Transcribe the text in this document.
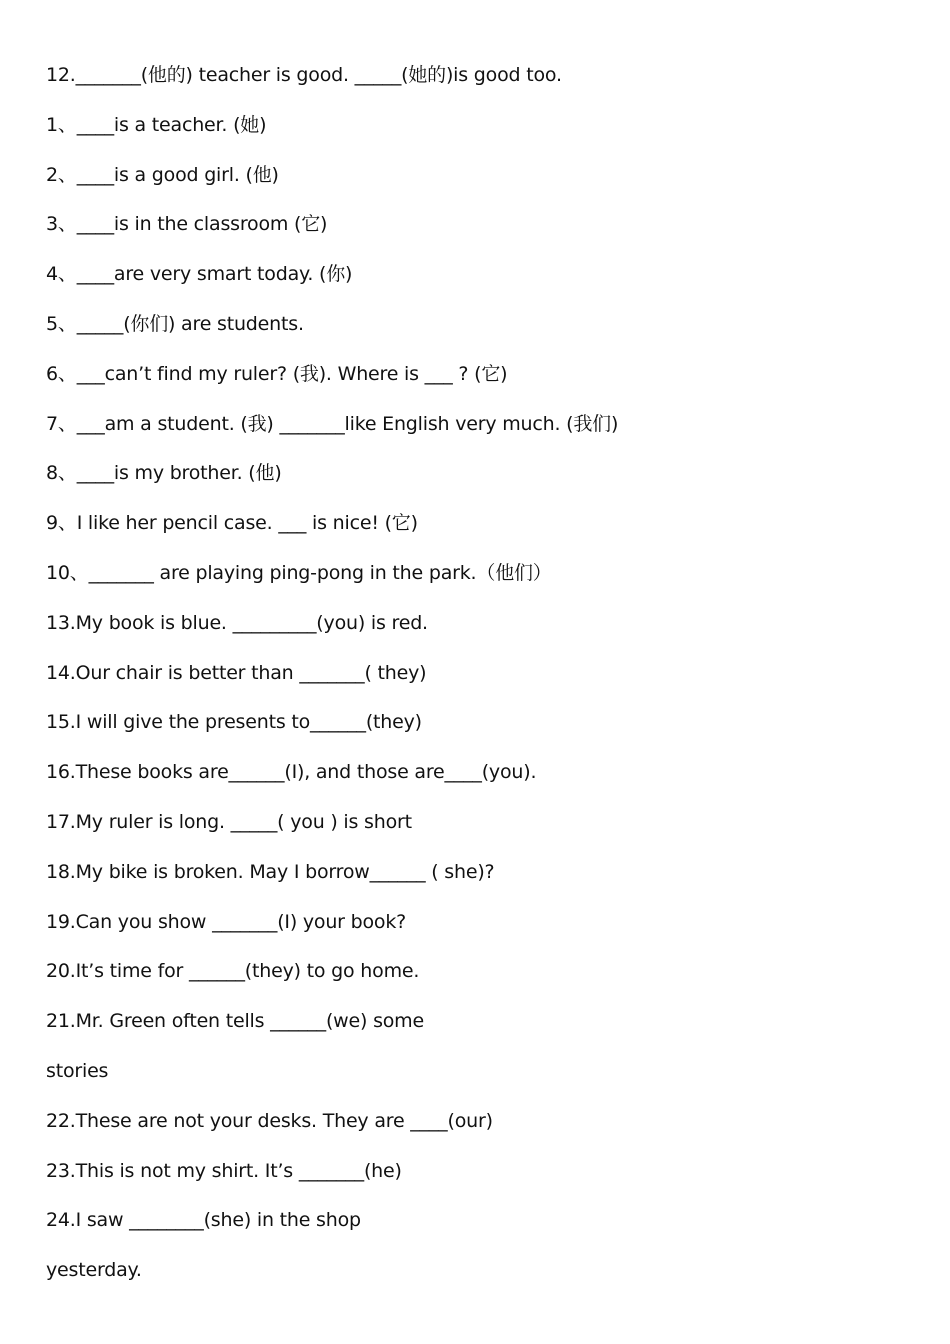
12._______(他的) teacher is good. _____(她的)is good too.
1、____is a teacher. (她)
2、____is a good girl. (他)
3、____is in the classroom (它)
4、____are very smart today. (你)
5、_____(你们) are students.
6、___can’t find my ruler? (我). Where is ___ ? (它)
7、___am a student. (我) _______like English very much. (我们)
8、____is my brother. (他)
9、I like her pencil case. ___ is nice! (它)
10、_______ are playing ping-pong in the park.（他们）
13.My book is blue. _________(you) is red.
14.Our chair is better than _______( they)
15.I will give the presents to______(they)
16.These books are______(I), and those are____(you).
17.My ruler is long. _____( you ) is short
18.My bike is broken. May I borrow______ ( she)?
19.Can you show _______(I) your book?
20.It’s time for ______(they) to go home.
21.Mr. Green often tells ______(we) some
stories
22.These are not your desks. They are ____(our)
23.This is not my shirt. It’s _______(he)
24.I saw ________(she) in the shop
yesterday.
